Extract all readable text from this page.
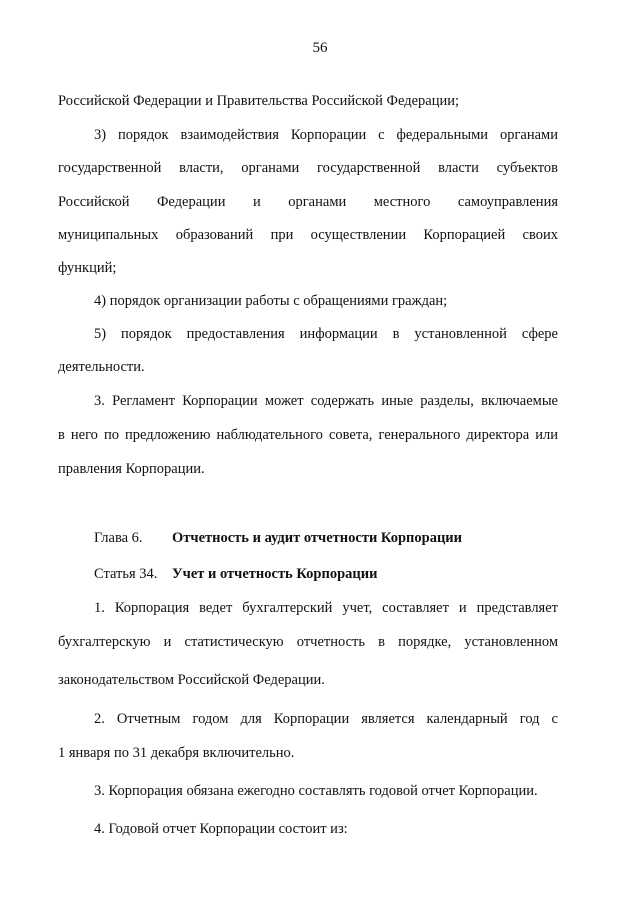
56
Российской Федерации и Правительства Российской Федерации;
3) порядок взаимодействия Корпорации с федеральными органами
государственной власти, органами государственной власти субъектов
Российской Федерации и органами местного самоуправления
муниципальных образований при осуществлении Корпорацией своих
функций;
4) порядок организации работы с обращениями граждан;
5) порядок предоставления информации в установленной сфере
деятельности.
3. Регламент Корпорации может содержать иные разделы, включаемые
в него по предложению наблюдательного совета, генерального директора или
правления Корпорации.
Глава 6. Отчетность и аудит отчетности Корпорации
Статья 34. Учет и отчетность Корпорации
1. Корпорация ведет бухгалтерский учет, составляет и представляет
бухгалтерскую и статистическую отчетность в порядке, установленном
законодательством Российской Федерации.
2. Отчетным годом для Корпорации является календарный год с
1 января по 31 декабря включительно.
3. Корпорация обязана ежегодно составлять годовой отчет Корпорации.
4. Годовой отчет Корпорации состоит из:
